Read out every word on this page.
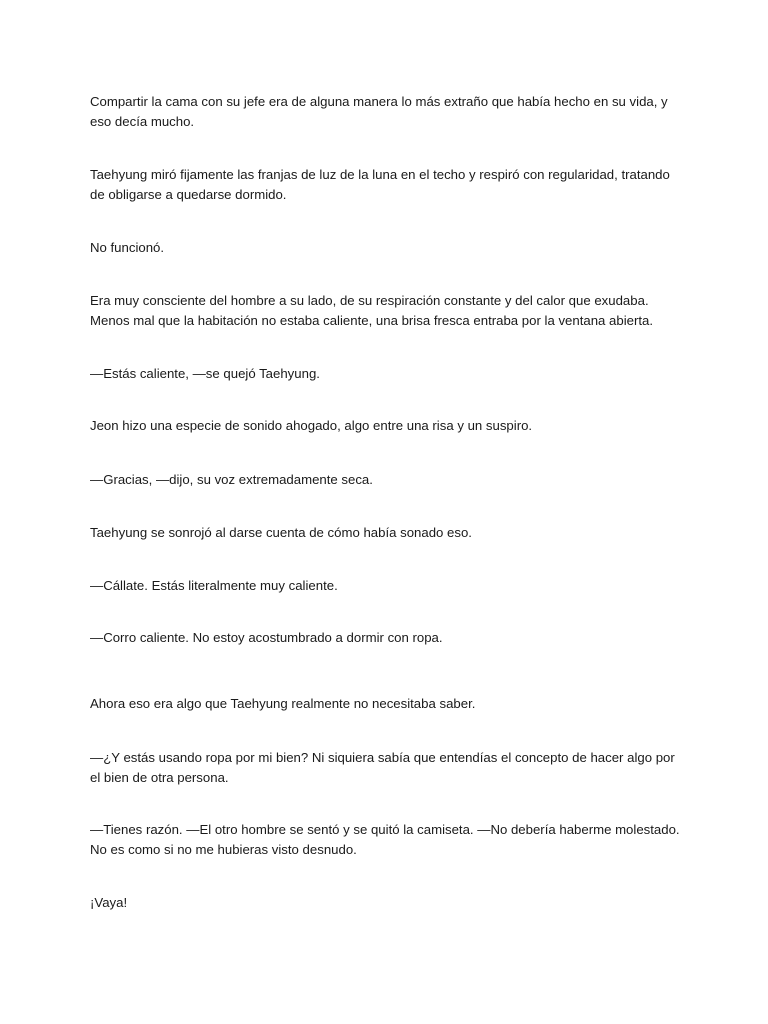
Compartir la cama con su jefe era de alguna manera lo más extraño que había hecho en su vida, y eso decía mucho.

Taehyung miró fijamente las franjas de luz de la luna en el techo y respiró con regularidad, tratando de obligarse a quedarse dormido.

No funcionó.

Era muy consciente del hombre a su lado, de su respiración constante y del calor que exudaba. Menos mal que la habitación no estaba caliente, una brisa fresca entraba por la ventana abierta.

—Estás caliente, —se quejó Taehyung.

Jeon hizo una especie de sonido ahogado, algo entre una risa y un suspiro.

—Gracias, —dijo, su voz extremadamente seca.

Taehyung se sonrojó al darse cuenta de cómo había sonado eso.

—Cállate. Estás literalmente muy caliente.

—Corro caliente. No estoy acostumbrado a dormir con ropa.

Ahora eso era algo que Taehyung realmente no necesitaba saber.

—¿Y estás usando ropa por mi bien? Ni siquiera sabía que entendías el concepto de hacer algo por el bien de otra persona.

—Tienes razón. —El otro hombre se sentó y se quitó la camiseta. —No debería haberme molestado. No es como si no me hubieras visto desnudo.

¡Vaya!
